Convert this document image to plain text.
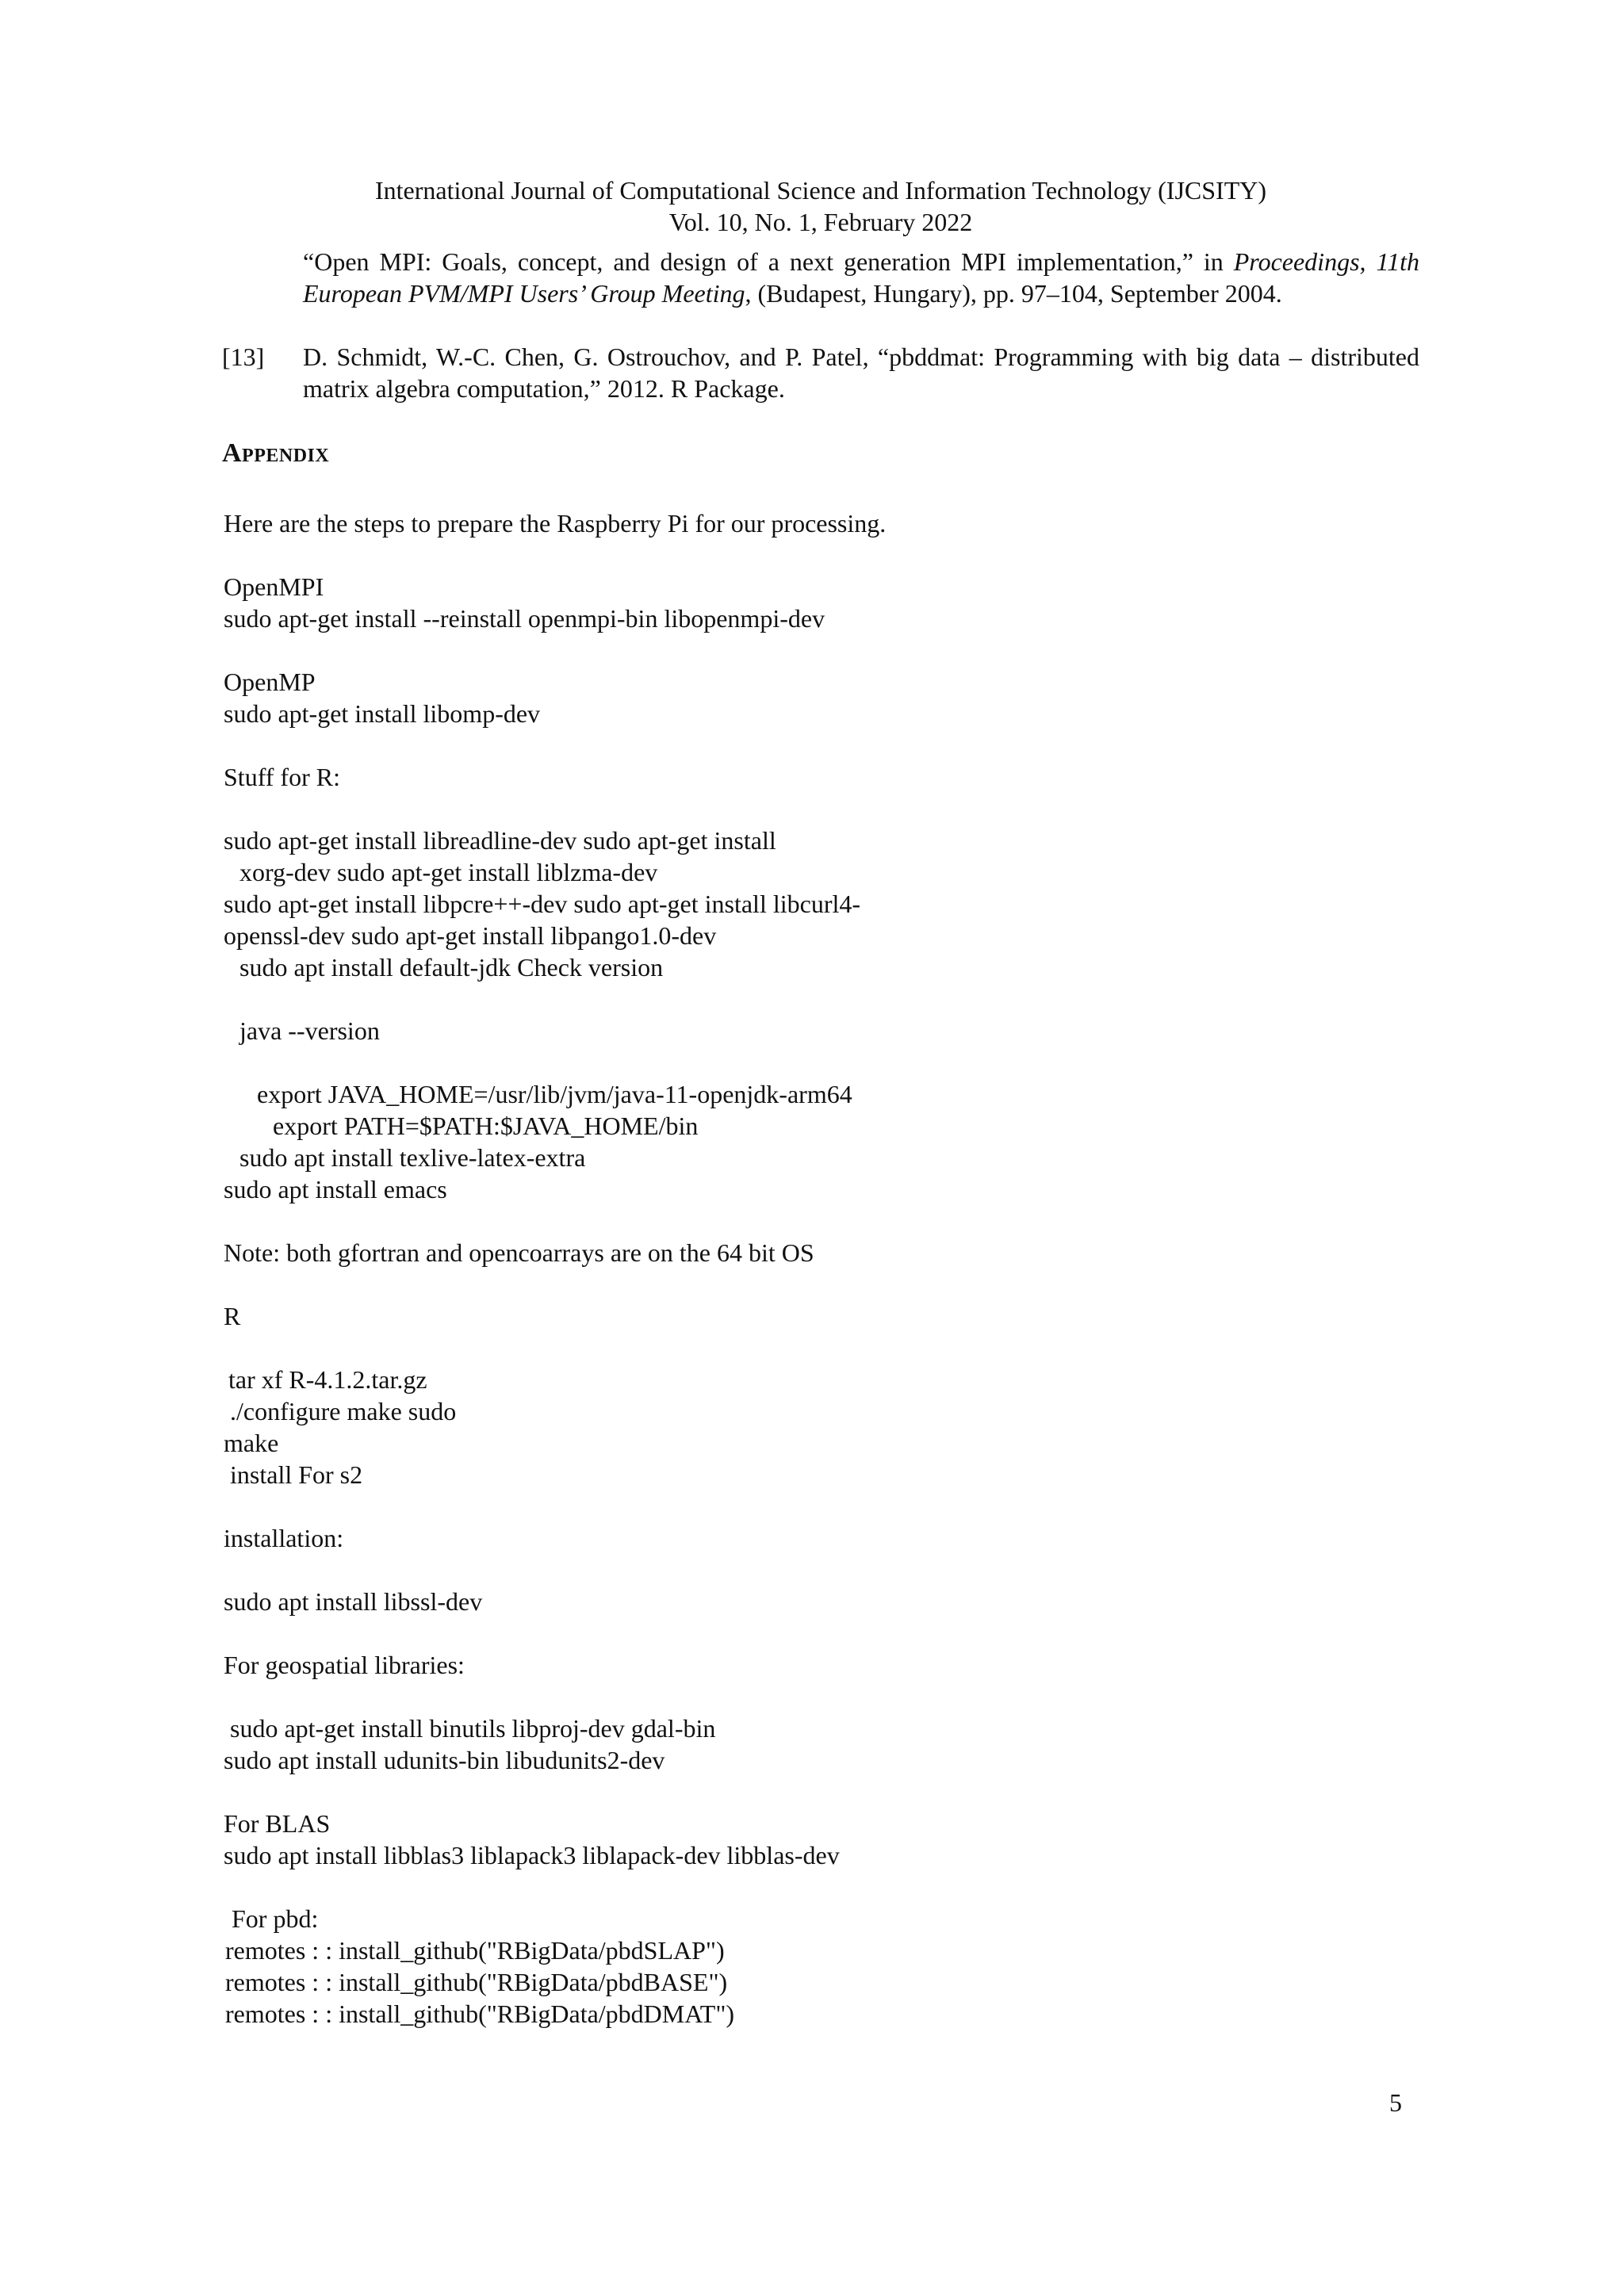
International Journal of Computational Science and Information Technology (IJCSITY)
Vol. 10, No. 1, February 2022
“Open MPI: Goals, concept, and design of a next generation MPI implementation,” in Proceedings, 11th European PVM/MPI Users’ Group Meeting, (Budapest, Hungary), pp. 97–104, September 2004.
[13] D. Schmidt, W.-C. Chen, G. Ostrouchov, and P. Patel, “pbddmat: Programming with big data – distributed matrix algebra computation,” 2012. R Package.
Appendix
Here are the steps to prepare the Raspberry Pi for our processing.
OpenMPI
sudo apt-get install --reinstall openmpi-bin libopenmpi-dev
OpenMP
sudo apt-get install libomp-dev
Stuff for R:
sudo apt-get install libreadline-dev sudo apt-get install
xorg-dev sudo apt-get install liblzma-dev
sudo apt-get install libpcre++-dev sudo apt-get install libcurl4-
openssl-dev sudo apt-get install libpango1.0-dev
sudo apt install default-jdk Check version
java --version
export JAVA_HOME=/usr/lib/jvm/java-11-openjdk-arm64
export PATH=$PATH:$JAVA_HOME/bin
sudo apt install texlive-latex-extra
sudo apt install emacs
Note: both gfortran and opencoarrays are on the 64 bit OS
R
tar xf R-4.1.2.tar.gz
./configure make sudo
make
install For s2
installation:
sudo apt install libssl-dev
For geospatial libraries:
sudo apt-get install binutils libproj-dev gdal-bin
sudo apt install udunits-bin libudunits2-dev
For BLAS
sudo apt install libblas3 liblapack3 liblapack-dev libblas-dev
For pbd:
remotes : : install_github("RBigData/pbdSLAP")
remotes : : install_github("RBigData/pbdBASE")
remotes : : install_github("RBigData/pbdDMAT")
5
